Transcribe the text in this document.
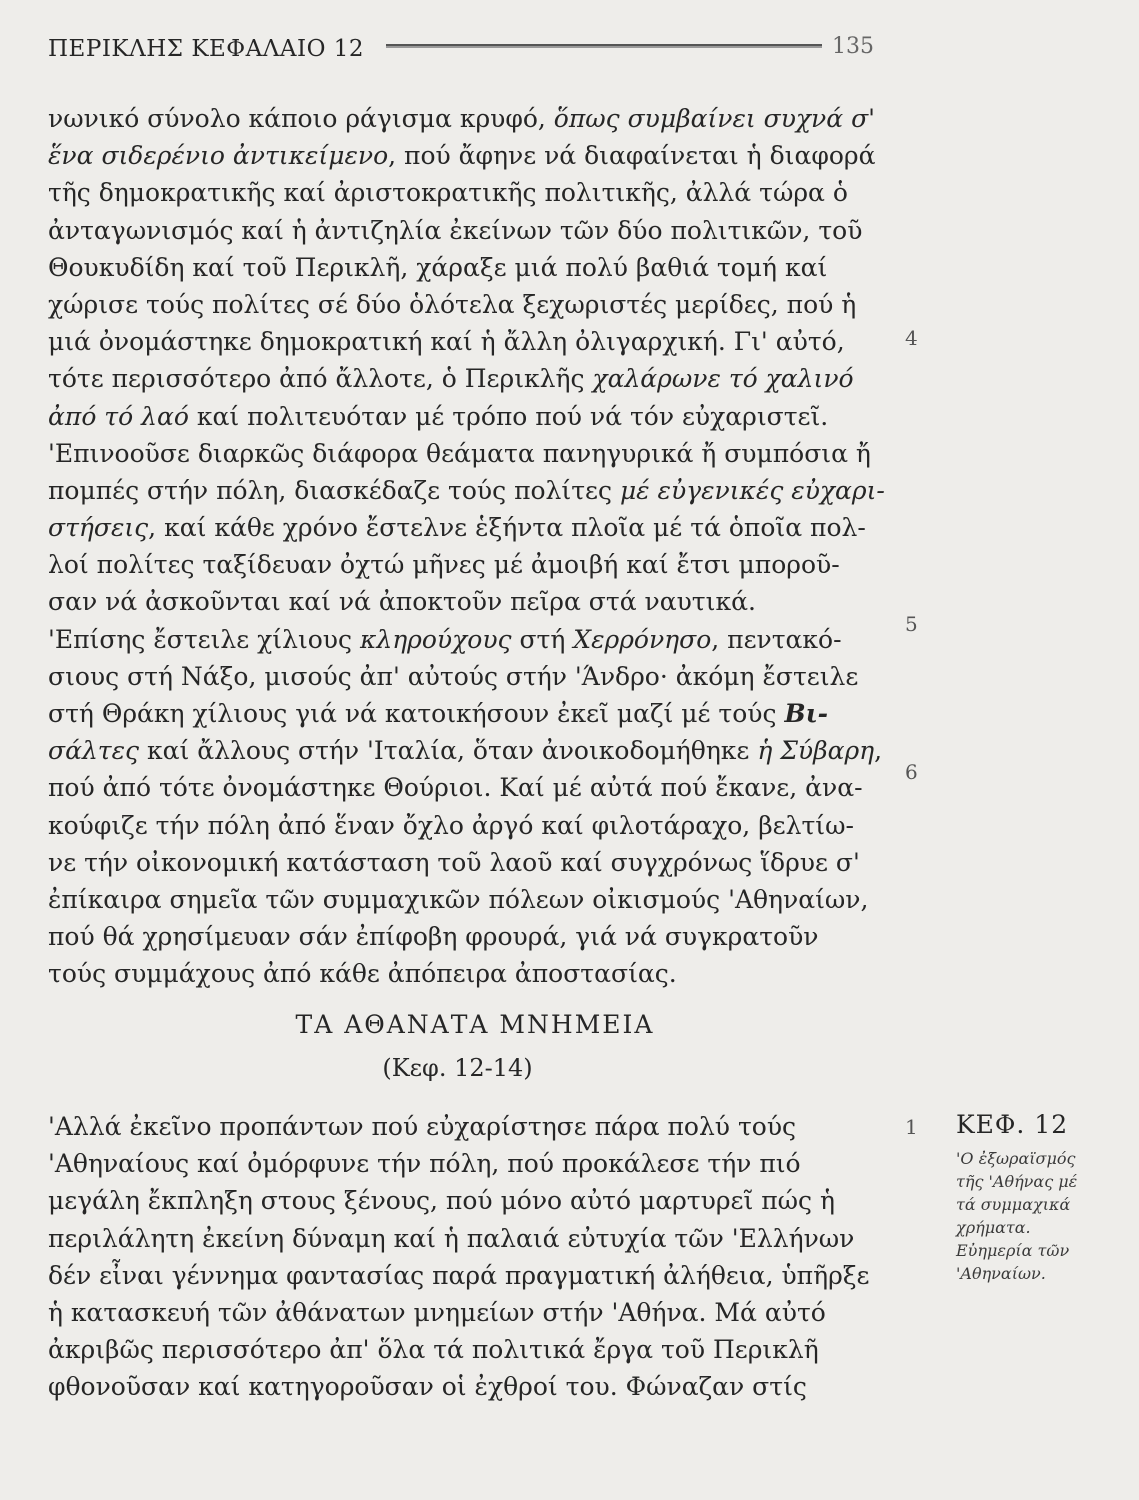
ΠΕΡΙΚΛΗΣ ΚΕΦΑΛΑΙΟ 12	135
νωνικό σύνολο κάποιο ράγισμα κρυφό, ὅπως συμβαίνει συχνά σ'
ἕνα σιδερένιο ἀντικείμενο, πού ἄφηνε νά διαφαίνεται ἡ διαφορά
τῆς δημοκρατικῆς καί ἀριστοκρατικῆς πολιτικῆς, ἀλλά τώρα ὁ
ἀνταγωνισμός καί ἡ ἀντιζηλία ἐκείνων τῶν δύο πολιτικῶν, τοῦ
Θουκυδίδη καί τοῦ Περικλῆ, χάραξε μιά πολύ βαθιά τομή καί
χώρισε τούς πολίτες σέ δύο ὁλότελα ξεχωριστές μερίδες, πού ἡ
μιά ὀνομάστηκε δημοκρατική καί ἡ ἄλλη ὀλιγαρχική. Γι' αὐτό,
τότε περισσότερο ἀπό ἄλλοτε, ὁ Περικλῆς χαλάρωνε τό χαλινό
ἀπό τό λαό καί πολιτευόταν μέ τρόπο πού νά τόν εὐχαριστεῖ.
'Επινοοῦσε διαρκῶς διάφορα θεάματα πανηγυρικά ἤ συμπόσια ἤ
πομπές στήν πόλη, διασκέδαζε τούς πολίτες μέ εὐγενικές εὐχαρι-
στήσεις, καί κάθε χρόνο ἔστελνε ἑξήντα πλοῖα μέ τά ὁποῖα πολ-
λοί πολίτες ταξίδευαν ὀχτώ μῆνες μέ ἀμοιβή καί ἔτσι μποροῦ-
σαν νά ἀσκοῦνται καί νά ἀποκτοῦν πεῖρα στά ναυτικά.
'Επίσης ἔστειλε χίλιους κληρούχους στή Χερρόνησο, πεντακό-
σιους στή Νάξο, μισούς ἀπ' αὐτούς στήν 'Άνδρο· ἀκόμη ἔστειλε
στή Θράκη χίλιους γιά νά κατοικήσουν ἐκεῖ μαζί μέ τούς Βι-
σάλτες καί ἄλλους στήν 'Ιταλία, ὅταν ἀνοικοδομήθηκε ἡ Σύβαρη,
πού ἀπό τότε ὀνομάστηκε Θούριοι. Καί μέ αὐτά πού ἔκανε, ἀνα-
κούφιζε τήν πόλη ἀπό ἕναν ὄχλο ἀργό καί φιλοτάραχο, βελτίω-
νε τήν οἰκονομική κατάσταση τοῦ λαοῦ καί συγχρόνως ἵδρυε σ'
ἐπίκαιρα σημεῖα τῶν συμμαχικῶν πόλεων οἰκισμούς 'Αθηναίων,
πού θά χρησίμευαν σάν ἐπίφοβη φρουρά, γιά νά συγκρατοῦν
τούς συμμάχους ἀπό κάθε ἀπόπειρα ἀποστασίας.
4
5
6
1
ΤΑ ΑΘΑΝΑΤΑ ΜΝΗΜΕΙΑ
(Κεφ. 12-14)
'Αλλά ἐκεῖνο προπάντων πού εὐχαρίστησε πάρα πολύ τούς
'Αθηναίους καί ὀμόρφυνε τήν πόλη, πού προκάλεσε τήν πιό
μεγάλη ἔκπληξη στους ξένους, πού μόνο αὐτό μαρτυρεῖ πώς ἡ
περιλάλητη ἐκείνη δύναμη καί ἡ παλαιά εὐτυχία τῶν 'Ελλήνων
δέν εἶναι γέννημα φαντασίας παρά πραγματική ἀλήθεια, ὑπῆρξε
ἡ κατασκευή τῶν ἀθάνατων μνημείων στήν 'Αθήνα. Μά αὐτό
ἀκριβῶς περισσότερο ἀπ' ὅλα τά πολιτικά ἔργα τοῦ Περικλῆ
φθονοῦσαν καί κατηγοροῦσαν οἱ ἐχθροί του. Φώναζαν στίς
ΚΕΦ. 12
'Ο ἐξωραϊσμός
τῆς 'Αθήνας μέ
τά συμμαχικά
χρήματα.
Εὐημερία τῶν
'Αθηναίων.
